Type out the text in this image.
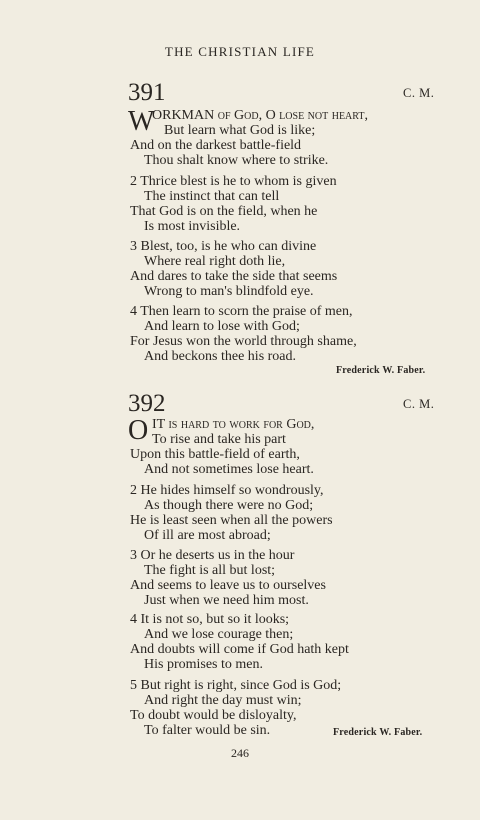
THE CHRISTIAN LIFE
391	C. M.
W
ORKMAN of God, O lose not heart,
But learn what God is like;
And on the darkest battle-field
Thou shalt know where to strike.
2 Thrice blest is he to whom is given
The instinct that can tell
That God is on the field, when he
Is most invisible.
3 Blest, too, is he who can divine
Where real right doth lie,
And dares to take the side that seems
Wrong to man's blindfold eye.
4 Then learn to scorn the praise of men,
And learn to lose with God;
For Jesus won the world through shame,
And beckons thee his road.
Frederick W. Faber.
392	C. M.
O IT is hard to work for God,
To rise and take his part
Upon this battle-field of earth,
And not sometimes lose heart.
2 He hides himself so wondrously,
As though there were no God;
He is least seen when all the powers
Of ill are most abroad;
3 Or he deserts us in the hour
The fight is all but lost;
And seems to leave us to ourselves
Just when we need him most.
4 It is not so, but so it looks;
And we lose courage then;
And doubts will come if God hath kept
His promises to men.
5 But right is right, since God is God;
And right the day must win;
To doubt would be disloyalty,
To falter would be sin.	Frederick W. Faber.
246
